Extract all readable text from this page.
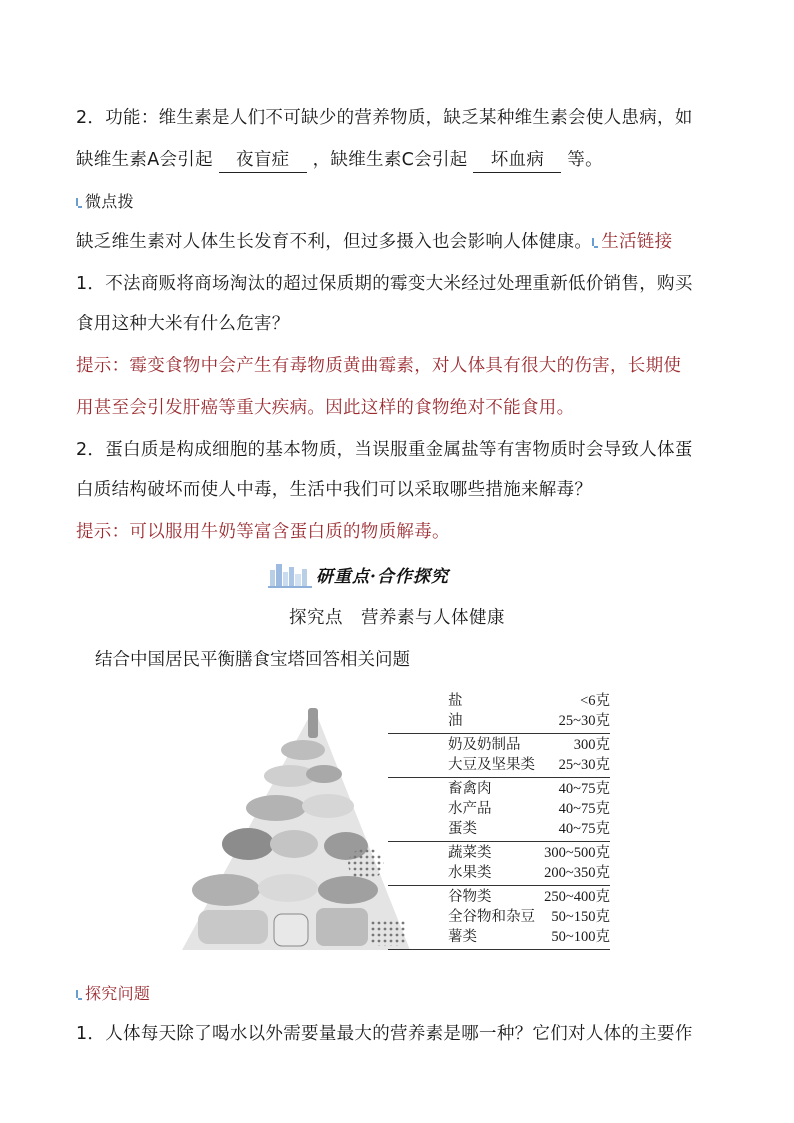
2．功能：维生素是人们不可缺少的营养物质，缺乏某种维生素会使人患病，如
缺维生素A会引起 夜盲症 ，缺维生素C会引起 坏血病 等。
微点拨
缺乏维生素对人体生长发育不利，但过多摄入也会影响人体健康。 生活链接
1．不法商贩将商场淘汰的超过保质期的霉变大米经过处理重新低价销售，购买
食用这种大米有什么危害？
提示：霉变食物中会产生有毒物质黄曲霉素，对人体具有很大的伤害，长期使
用甚至会引发肝癌等重大疾病。因此这样的食物绝对不能食用。
2．蛋白质是构成细胞的基本物质，当误服重金属盐等有害物质时会导致人体蛋
白质结构破坏而使人中毒，生活中我们可以采取哪些措施来解毒？
提示：可以服用牛奶等富含蛋白质的物质解毒。
研重点·合作探究
探究点　营养素与人体健康
结合中国居民平衡膳食宝塔回答相关问题
盐	<6克
油	25~30克
奶及奶制品	300克
大豆及坚果类 25~30克
畜禽肉	40~75克
水产品	40~75克
蛋类	40~75克
蔬菜类	300~500克
水果类	200~350克
谷物类	250~400克
全谷物和杂豆 50~150克
薯类	50~100克
探究问题
1．人体每天除了喝水以外需要量最大的营养素是哪一种？它们对人体的主要作
